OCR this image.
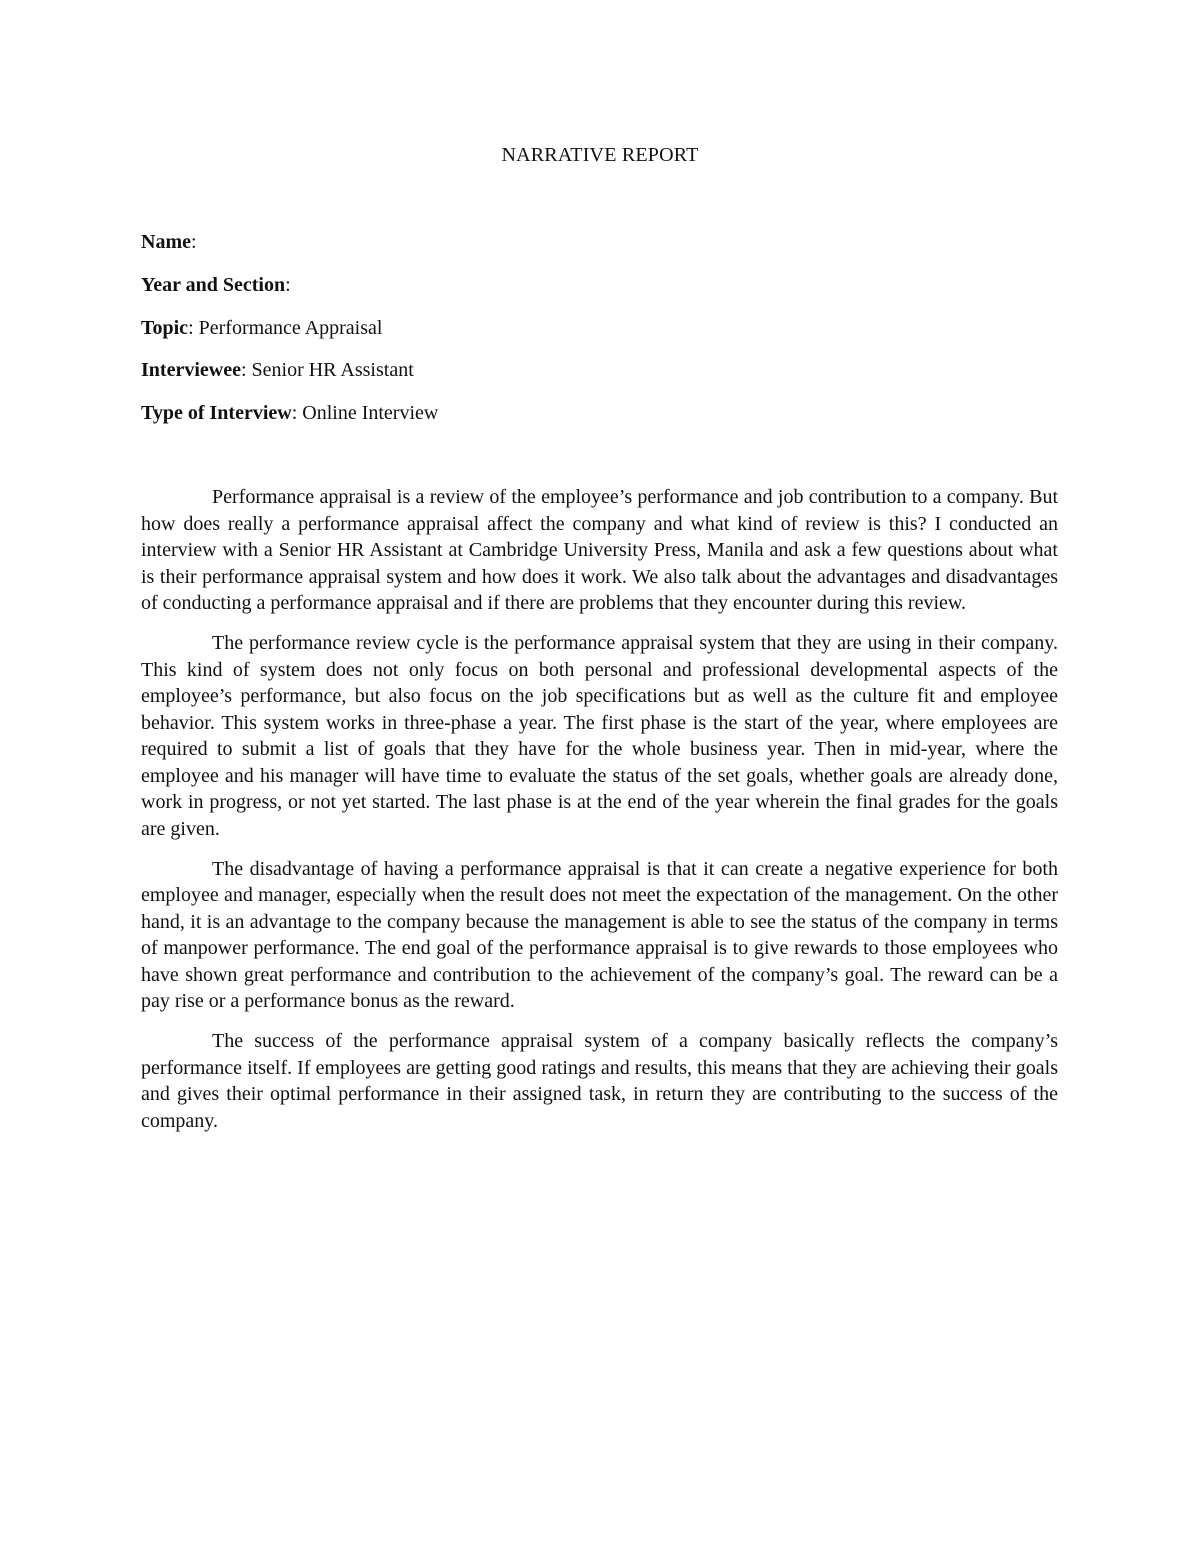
NARRATIVE REPORT
Name:
Year and Section:
Topic: Performance Appraisal
Interviewee: Senior HR Assistant
Type of Interview: Online Interview

Performance appraisal is a review of the employee’s performance and job contribution to a company. But how does really a performance appraisal affect the company and what kind of review is this? I conducted an interview with a Senior HR Assistant at Cambridge University Press, Manila and ask a few questions about what is their performance appraisal system and how does it work. We also talk about the advantages and disadvantages of conducting a performance appraisal and if there are problems that they encounter during this review.

The performance review cycle is the performance appraisal system that they are using in their company. This kind of system does not only focus on both personal and professional developmental aspects of the employee’s performance, but also focus on the job specifications but as well as the culture fit and employee behavior. This system works in three-phase a year. The first phase is the start of the year, where employees are required to submit a list of goals that they have for the whole business year. Then in mid-year, where the employee and his manager will have time to evaluate the status of the set goals, whether goals are already done, work in progress, or not yet started. The last phase is at the end of the year wherein the final grades for the goals are given.

The disadvantage of having a performance appraisal is that it can create a negative experience for both employee and manager, especially when the result does not meet the expectation of the management. On the other hand, it is an advantage to the company because the management is able to see the status of the company in terms of manpower performance. The end goal of the performance appraisal is to give rewards to those employees who have shown great performance and contribution to the achievement of the company’s goal. The reward can be a pay rise or a performance bonus as the reward.

The success of the performance appraisal system of a company basically reflects the company’s performance itself. If employees are getting good ratings and results, this means that they are achieving their goals and gives their optimal performance in their assigned task, in return they are contributing to the success of the company.
